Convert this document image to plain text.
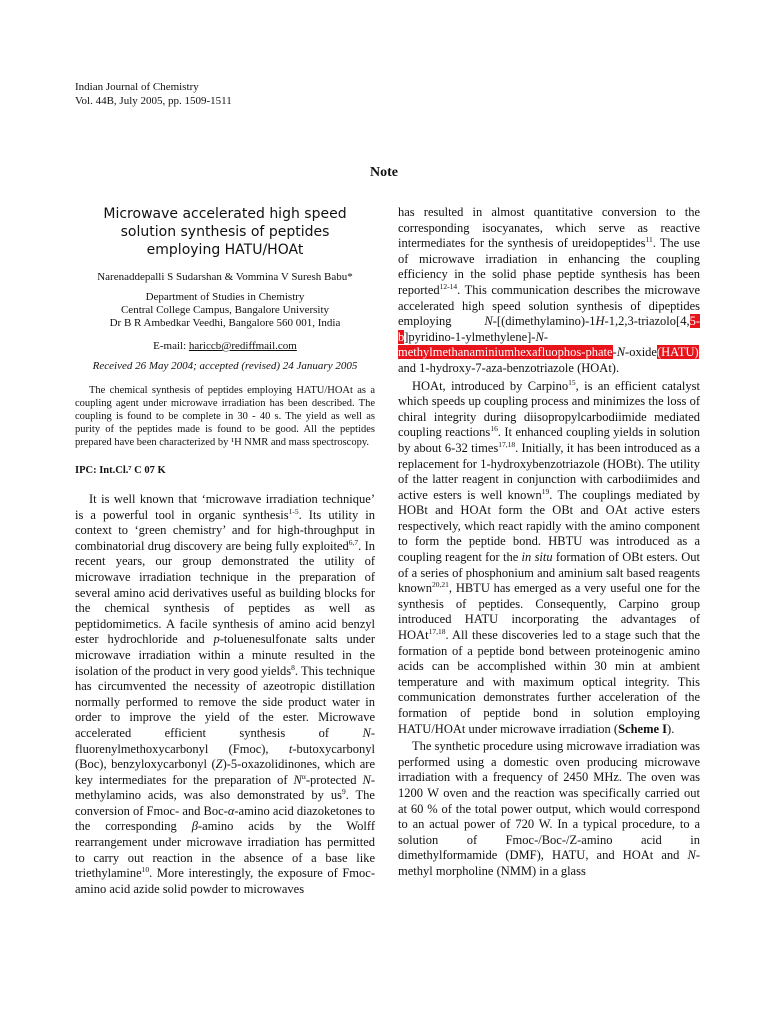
Indian Journal of Chemistry
Vol. 44B, July 2005, pp. 1509-1511
Note
Microwave accelerated high speed solution synthesis of peptides employing HATU/HOAt
Narenaddepalli S Sudarshan & Vommina V Suresh Babu*
Department of Studies in Chemistry
Central College Campus, Bangalore University
Dr B R Ambedkar Veedhi, Bangalore 560 001, India
E-mail: hariccb@rediffmail.com
Received 26 May 2004; accepted (revised) 24 January 2005

The chemical synthesis of peptides employing HATU/HOAt as a coupling agent under microwave irradiation has been described. The coupling is found to be complete in 30 - 40 s. The yield as well as purity of the peptides made is found to be good. All the peptides prepared have been characterized by ¹H NMR and mass spectroscopy.

IPC: Int.Cl.⁷ C 07 K

It is well known that ‘microwave irradiation technique’ is a powerful tool in organic synthesis$^{1-5}$. Its utility in context to ‘green chemistry’ and for high-throughput in combinatorial drug discovery are being fully exploited$^{6,7}$. In recent years, our group demonstrated the utility of microwave irradiation technique in the preparation of several amino acid derivatives useful as building blocks for the chemical synthesis of peptides as well as peptidomimetics. A facile synthesis of amino acid benzyl ester hydrochloride and p-toluenesulfonate salts under microwave irradiation within a minute resulted in the isolation of the product in very good yields$^8$. This technique has circumvented the necessity of azeotropic distillation normally performed to remove the side product water in order to improve the yield of the ester. Microwave accelerated efficient synthesis of N-fluorenylmethoxycarbonyl (Fmoc), t-butoxycarbonyl (Boc), benzyloxycarbonyl (Z)-5-oxazolidinones, which are key intermediates for the preparation of $N^\alpha$-protected N-methylamino acids, was also demonstrated by $us^9$. The conversion of Fmoc- and Boc-α-amino acid diazoketones to the corresponding β-amino acids by the Wolff rearrangement under microwave irradiation has permitted to carry out reaction in the absence of a base like triethylamine$^{10}$. More interestingly, the exposure of Fmoc-amino acid azide solid powder to microwaves

has resulted in almost quantitative conversion to the corresponding isocyanates, which serve as reactive intermediates for the synthesis of ureidopeptides$^{11}$. The use of microwave irradiation in enhancing the coupling efficiency in the solid phase peptide synthesis has been reported$^{12-14}$. This communication describes the microwave accelerated high speed solution synthesis of dipeptides employing N-[(dimethylamino)-1H-1,2,3-triazolo[4,5-b]pyridino-1-ylmethylene]-N-methylmethanaminiumhexafluophos-phate-N-oxide(HATU) and 1-hydroxy-7-aza-benzotriazole (HOAt).

HOAt, introduced by Carpino$^{15}$, is an efficient catalyst which speeds up coupling process and minimizes the loss of chiral integrity during diisopropylcarbodiimide mediated coupling reactions$^{16}$. It enhanced coupling yields in solution by about 6-32 times$^{17,18}$. Initially, it has been introduced as a replacement for 1-hydroxybenzotriazole (HOBt). The utility of the latter reagent in conjunction with carbodiimides and active esters is well known$^{19}$. The couplings mediated by HOBt and HOAt form the OBt and OAt active esters respectively, which react rapidly with the amino component to form the peptide bond. HBTU was introduced as a coupling reagent for the in situ formation of OBt esters. Out of a series of phosphonium and aminium salt based reagents known$^{20,21}$, HBTU has emerged as a very useful one for the synthesis of peptides. Consequently, Carpino group introduced HATU incorporating the advantages of HOAt$^{17,18}$. All these discoveries led to a stage such that the formation of a peptide bond between proteinogenic amino acids can be accomplished within 30 min at ambient temperature and with maximum optical integrity. This communication demonstrates further acceleration of the formation of peptide bond in solution employing HATU/HOAt under microwave irradiation (Scheme I).

The synthetic procedure using microwave irradiation was performed using a domestic oven producing microwave irradiation with a frequency of 2450 MHz. The oven was 1200 W oven and the reaction was specifically carried out at 60 % of the total power output, which would correspond to an actual power of 720 W. In a typical procedure, to a solution of Fmoc-/Boc-/Z-amino acid in dimethylformamide (DMF), HATU, and HOAt and N-methyl morpholine (NMM) in a glass
